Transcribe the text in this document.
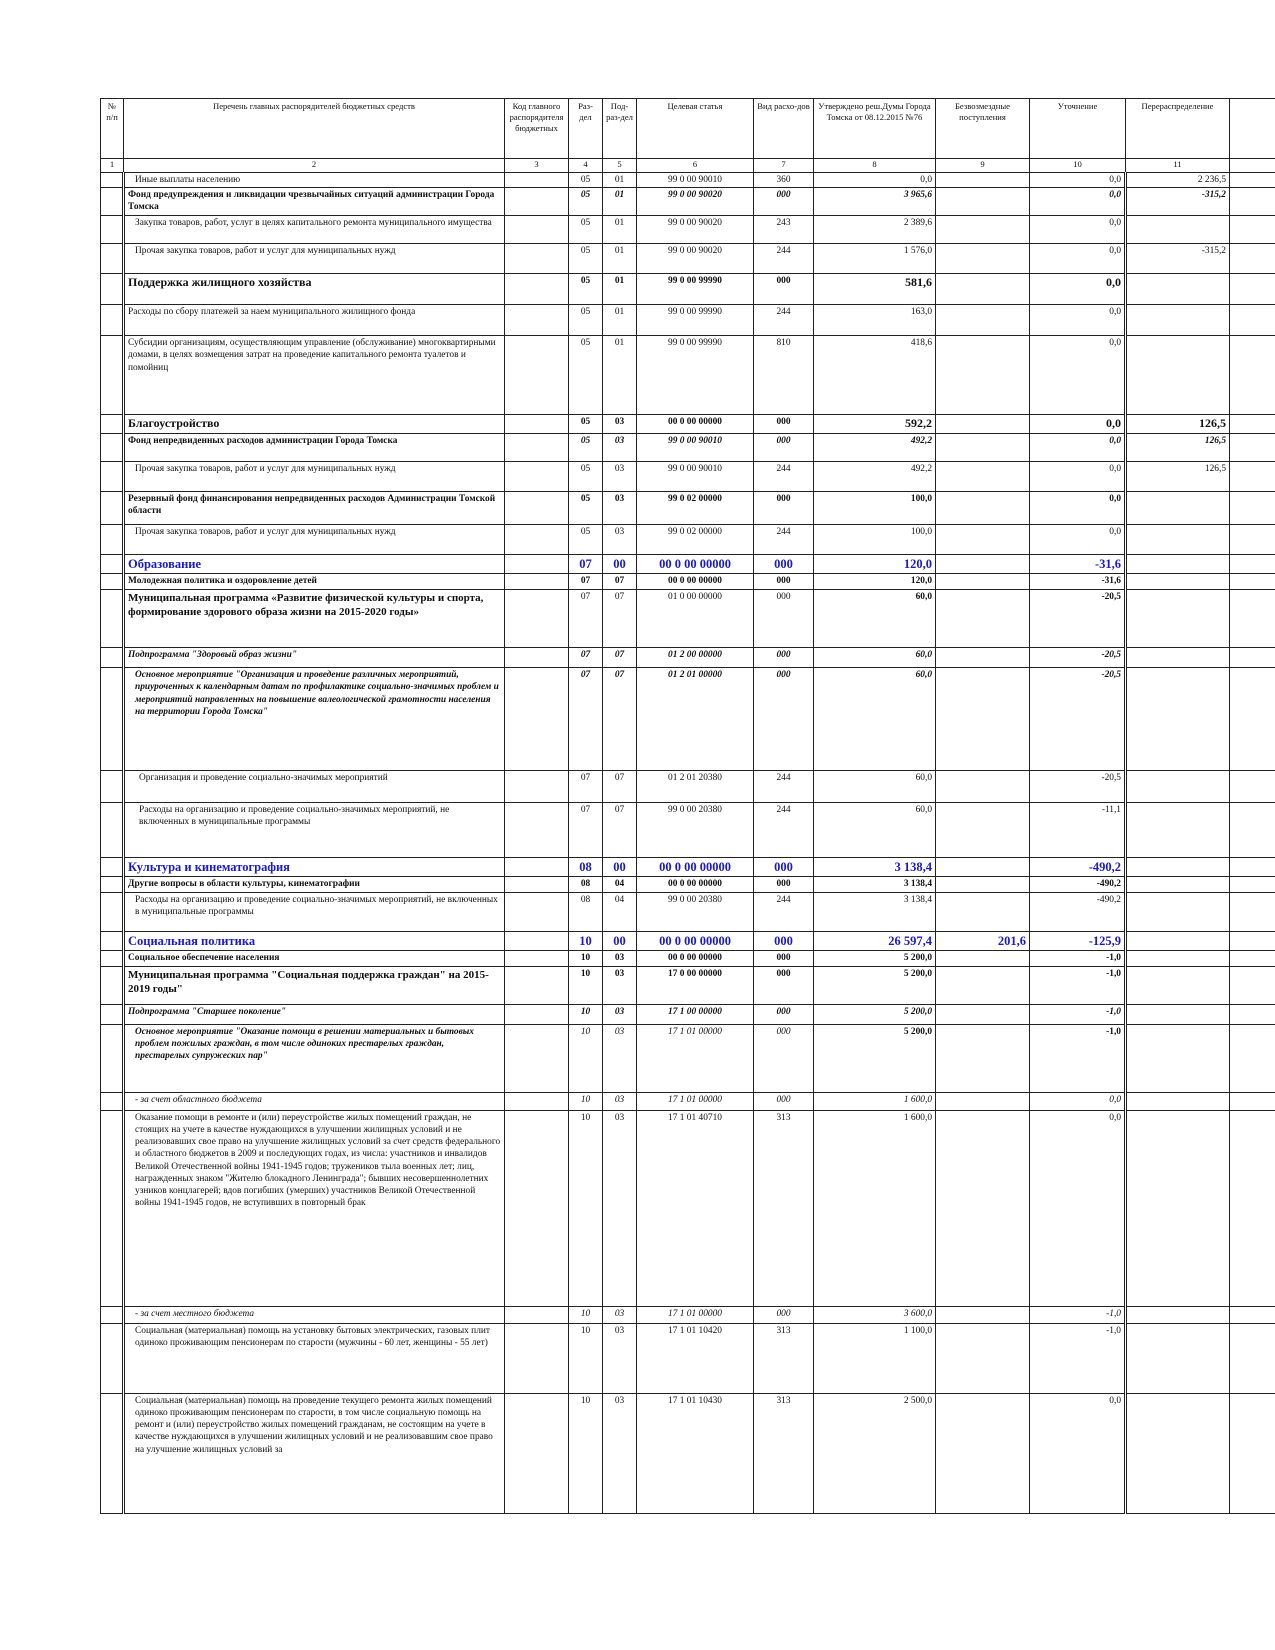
№ п/п	Перечень главных распорядителей бюджетных средств	Код главного распорядителя бюджетных	Раз-дел	Под-раз-дел	Целевая статья	Вид расхо-дов	Утверждено реш.Думы Города Томска от 08.12.2015 №76	Безвозмездные поступления	Уточнение	Перераспределение	
1	2	3	4	5	6	7	8	9	10	11	
	Иные выплаты населению		05	01	99 0 00 90010	360	0,0		0,0	2 236,5	
	Фонд предупреждения и ликвидации чрезвычайных ситуаций администрации Города Томска		05	01	99 0 00 90020	000	3 965,6		0,0	-315,2	
	Закупка товаров, работ, услуг в целях капитального ремонта муниципального имущества		05	01	99 0 00 90020	243	2 389,6		0,0		
	Прочая закупка товаров, работ и услуг для муниципальных нужд		05	01	99 0 00 90020	244	1 576,0		0,0	-315,2	
	Поддержка жилищного хозяйства		05	01	99 0 00 99990	000	581,6		0,0		
	Расходы по сбору платежей за наем муниципального жилищного фонда		05	01	99 0 00 99990	244	163,0		0,0		
	Субсидии организациям, осуществляющим управление (обслуживание) многоквартирными домами, в целях возмещения затрат на проведение капитального ремонта туалетов и помойниц		05	01	99 0 00 99990	810	418,6		0,0		
	Благоустройство		05	03	00 0 00 00000	000	592,2		0,0	126,5	
	Фонд непредвиденных расходов администрации Города Томска		05	03	99 0 00 90010	000	492,2		0,0	126,5	
	Прочая закупка товаров, работ и услуг для муниципальных нужд		05	03	99 0 00 90010	244	492,2		0,0	126,5	
	Резервный фонд финансирования непредвиденных расходов Администрации Томской области		05	03	99 0 02 00000	000	100,0		0,0		
	Прочая закупка товаров, работ и услуг для муниципальных нужд		05	03	99 0 02 00000	244	100,0		0,0		
	Образование		07	00	00 0 00 00000	000	120,0		-31,6		
	Молодежная политика и оздоровление детей		07	07	00 0 00 00000	000	120,0		-31,6		
	Муниципальная программа «Развитие физической культуры и спорта, формирование здорового образа жизни на 2015-2020 годы»		07	07	01 0 00 00000	000	60,0		-20,5		
	Подпрограмма "Здоровый образ жизни"		07	07	01 2 00 00000	000	60,0		-20,5		
	Основное мероприятие "Организация и проведение различных мероприятий, приуроченных к календарным датам по профилактике социально-значимых проблем и мероприятий направленных на повышение валеологической грамотности населения на территории Города Томска"		07	07	01 2 01 00000	000	60,0		-20,5		
	Организация и проведение социально-значимых мероприятий		07	07	01 2 01 20380	244	60,0		-20,5		
	Расходы на организацию и проведение социально-значимых мероприятий, не включенных в муниципальные программы		07	07	99 0 00 20380	244	60,0		-11,1		
	Культура и кинематография		08	00	00 0 00 00000	000	3 138,4		-490,2		
	Другие вопросы в области культуры, кинематографии		08	04	00 0 00 00000	000	3 138,4		-490,2		
	Расходы на организацию и проведение социально-значимых мероприятий, не включенных в муниципальные программы		08	04	99 0 00 20380	244	3 138,4		-490,2		
	Социальная политика		10	00	00 0 00 00000	000	26 597,4	201,6	-125,9		
	Социальное обеспечение населения		10	03	00 0 00 00000	000	5 200,0		-1,0		
	Муниципальная программа "Социальная поддержка граждан" на 2015-2019 годы"		10	03	17 0 00 00000	000	5 200,0		-1,0		
	Подпрограмма "Старшее поколение"		10	03	17 1 00 00000	000	5 200,0		-1,0		
	Основное мероприятие "Оказание помощи в решении материальных и бытовых проблем пожилых граждан, в том числе одиноких престарелых граждан, престарелых супружеских пар"		10	03	17 1 01 00000	000	5 200,0		-1,0		
	- за счет областного бюджета		10	03	17 1 01 00000	000	1 600,0		0,0		
	Оказание помощи в ремонте и (или) переустройстве жилых помещений граждан, не стоящих на учете в качестве нуждающихся в улучшении жилищных условий и не реализовавших свое право на улучшение жилищных условий за счет средств федерального и областного бюджетов в 2009 и последующих годах, из числа: участников и инвалидов Великой Отечественной войны 1941-1945 годов; тружеников тыла военных лет; лиц, награжденных знаком "Жителю блокадного Ленинграда"; бывших несовершеннолетних узников концлагерей; вдов погибших (умерших) участников Великой Отечественной войны 1941-1945 годов, не вступивших в повторный брак		10	03	17 1 01 40710	313	1 600,0		0,0		
	- за счет местного бюджета		10	03	17 1 01 00000	000	3 600,0		-1,0		
	Социальная (материальная) помощь на установку бытовых электрических, газовых плит одиноко проживающим пенсионерам по старости (мужчины - 60 лет, женщины - 55 лет)		10	03	17 1 01 10420	313	1 100,0		-1,0		
	Социальная (материальная) помощь на проведение текущего ремонта жилых помещений одиноко проживающим пенсионерам по старости, в том числе социальную помощь на ремонт и (или) переустройство жилых помещений гражданам, не состоящим на учете в качестве нуждающихся в улучшении жилищных условий и не реализовавшим свое право на улучшение жилищных условий за		10	03	17 1 01 10430	313	2 500,0		0,0		
